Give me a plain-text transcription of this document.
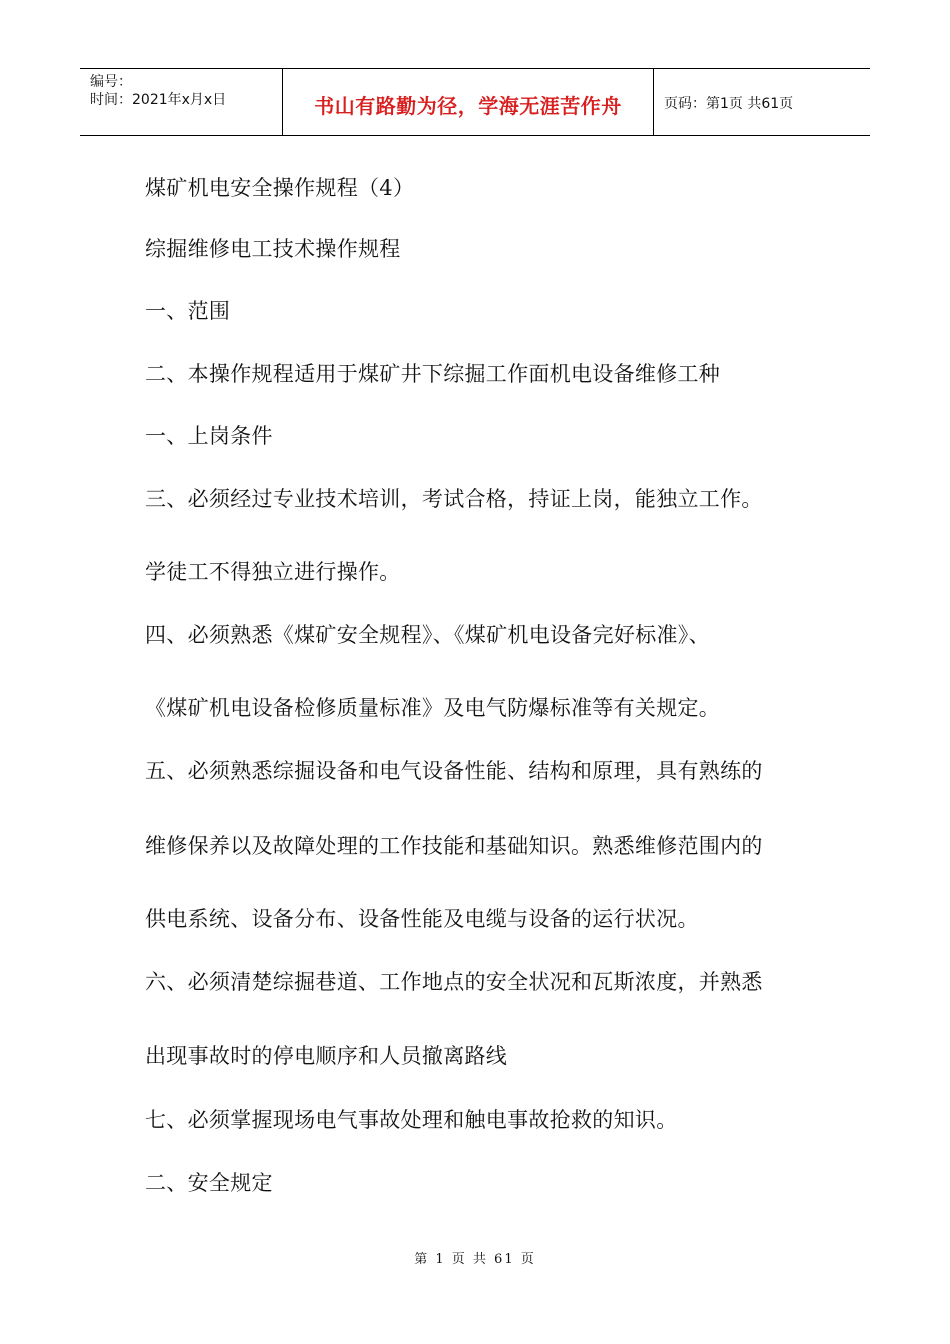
编号：
时间：2021年x月x日	书山有路勤为径，学海无涯苦作舟	页码：第1页 共61页
煤矿机电安全操作规程（4）
综掘维修电工技术操作规程
一、范围
二、本操作规程适用于煤矿井下综掘工作面机电设备维修工种
一、上岗条件
三、必须经过专业技术培训，考试合格，持证上岗，能独立工作。
学徒工不得独立进行操作。
四、必须熟悉《煤矿安全规程》、《煤矿机电设备完好标准》、
《煤矿机电设备检修质量标准》及电气防爆标准等有关规定。
五、必须熟悉综掘设备和电气设备性能、结构和原理，具有熟练的
维修保养以及故障处理的工作技能和基础知识。熟悉维修范围内的
供电系统、设备分布、设备性能及电缆与设备的运行状况。
六、必须清楚综掘巷道、工作地点的安全状况和瓦斯浓度，并熟悉
出现事故时的停电顺序和人员撤离路线
七、必须掌握现场电气事故处理和触电事故抢救的知识。
二、安全规定
第 1 页 共 61 页
